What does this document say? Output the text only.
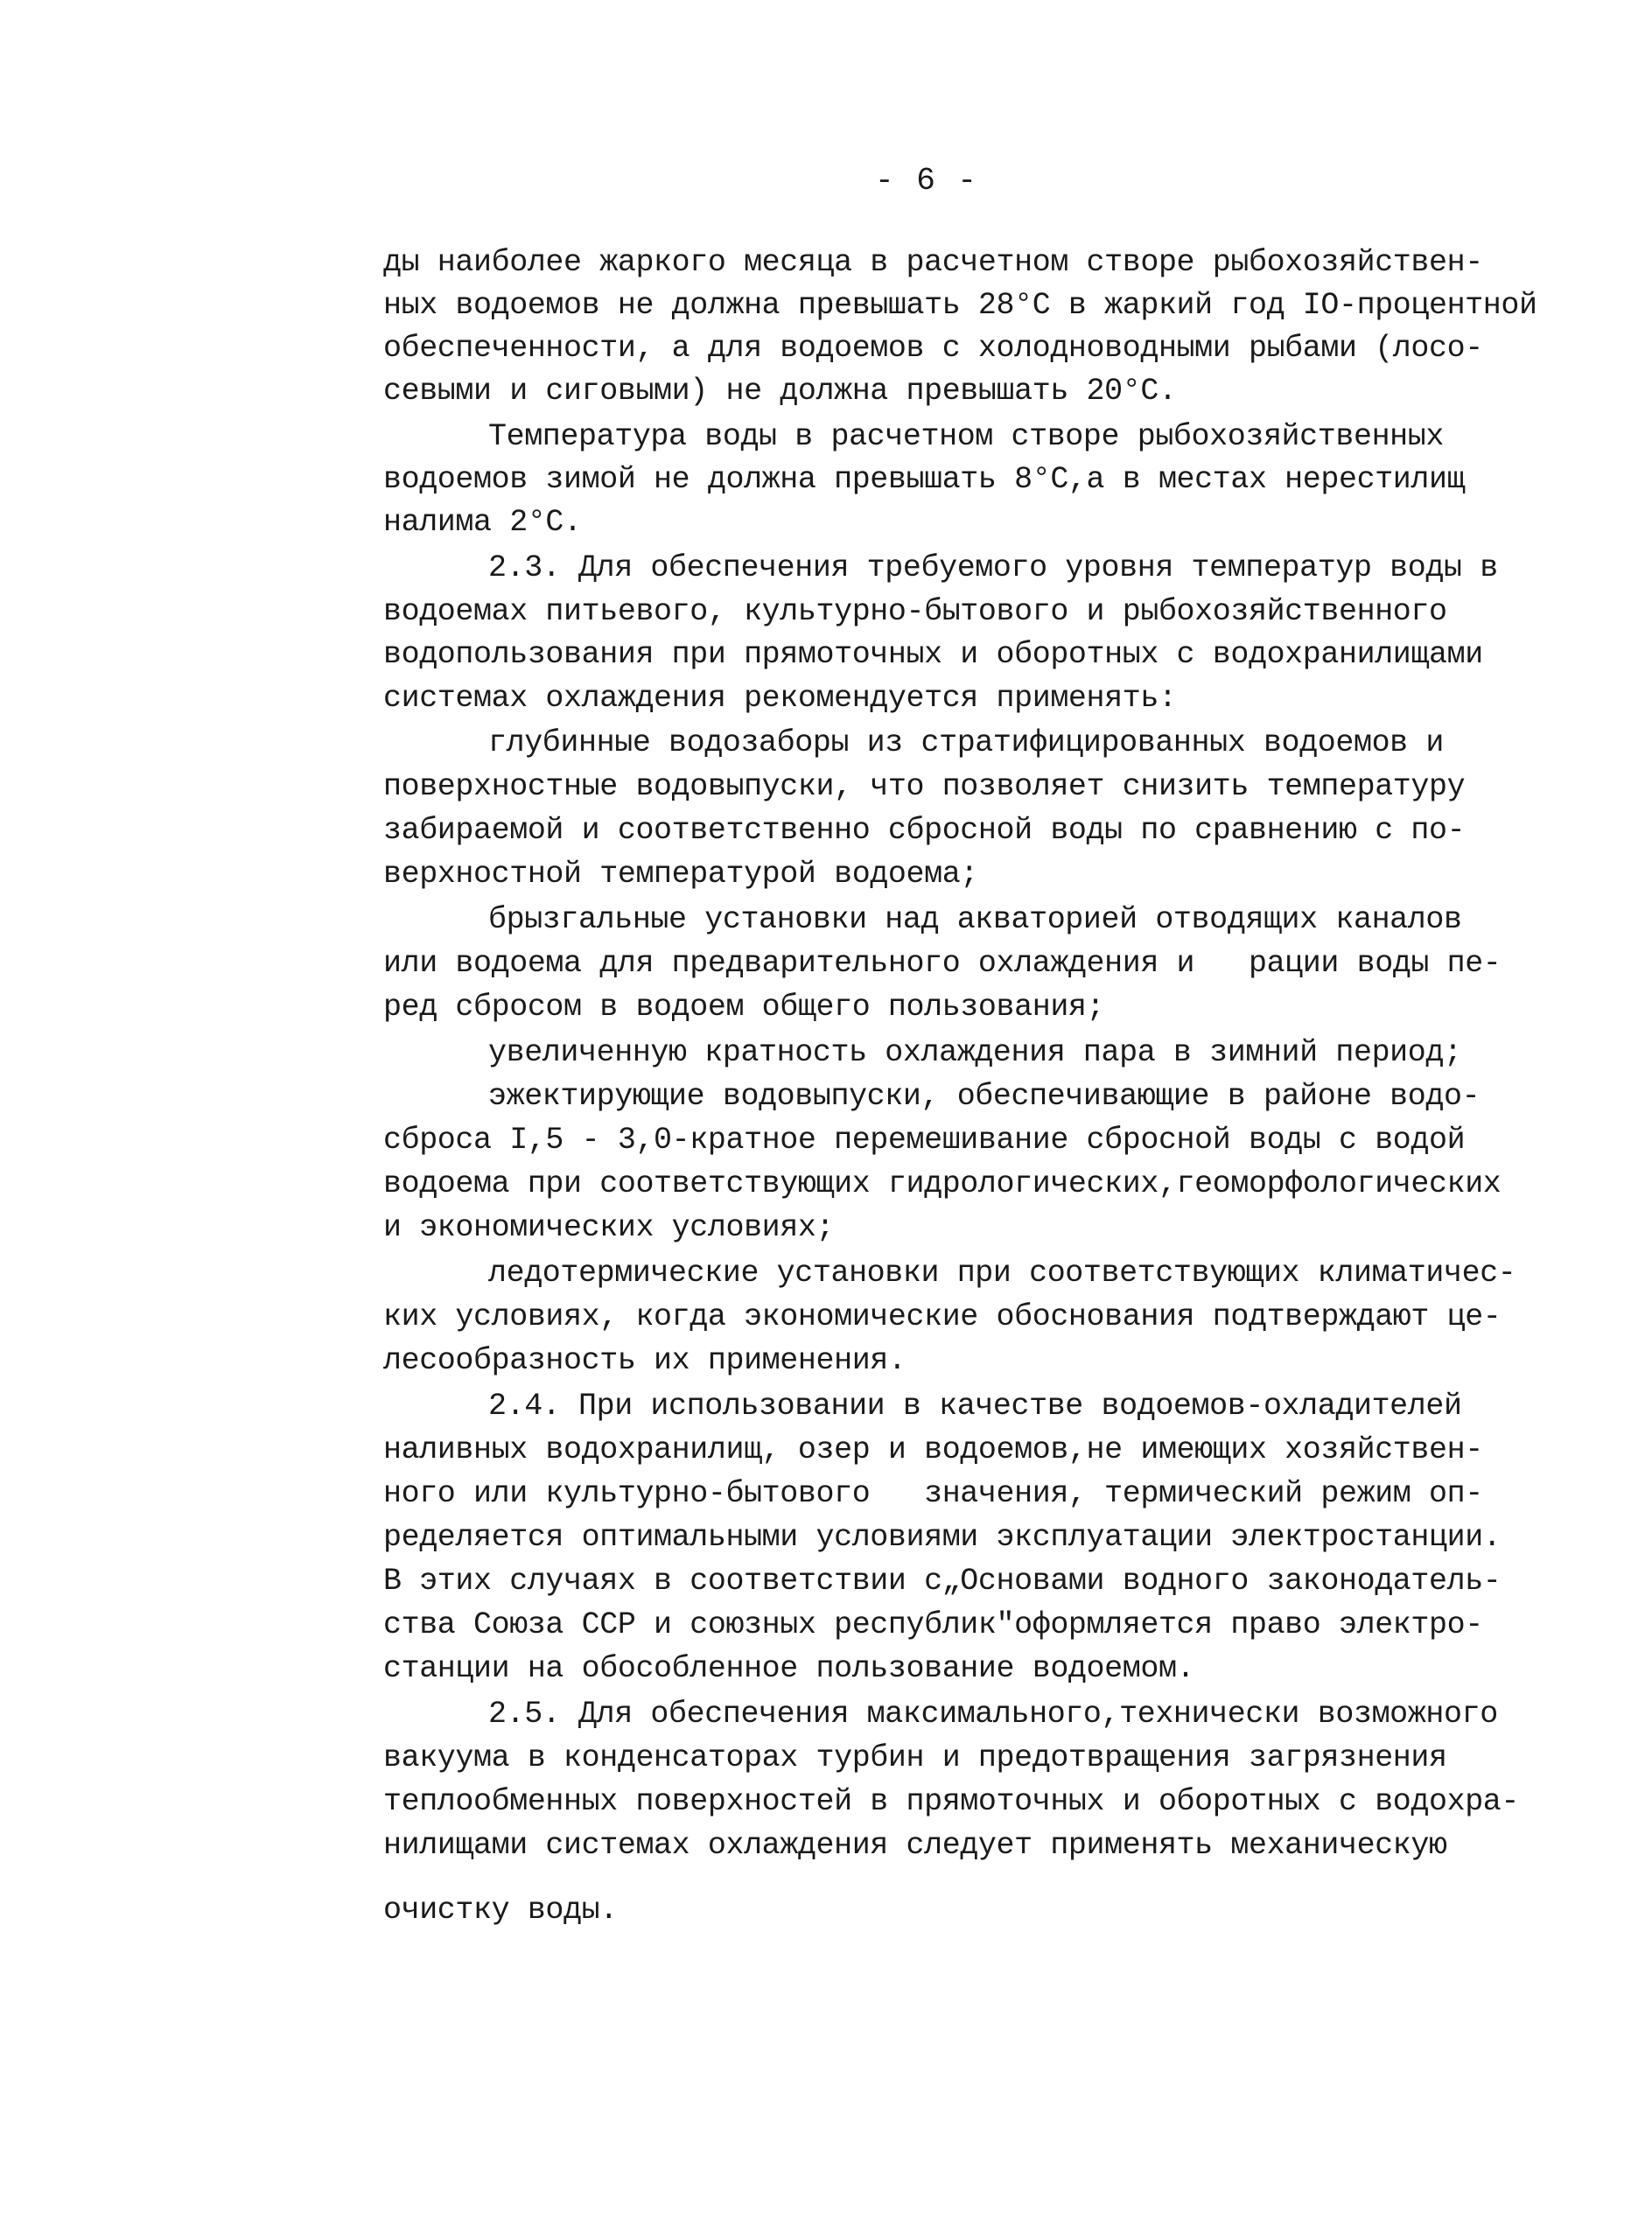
- 6 -
ды наиболее жаркого месяца в расчетном створе рыбохозяйствен-
ных водоемов не должна превышать 28°С в жаркий год IO-процентной
обеспеченности, а для водоемов с холодноводными рыбами (лосо-
севыми и сиговыми) не должна превышать 20°С.
Температура воды в расчетном створе рыбохозяйственных
водоемов зимой не должна превышать 8°С,а в местах нерестилищ
налима 2°С.
2.3. Для обеспечения требуемого уровня температур воды в
водоемах питьевого, культурно-бытового и рыбохозяйственного
водопользования при прямоточных и оборотных с водохранилищами
системах охлаждения рекомендуется применять:
глубинные водозаборы из стратифицированных водоемов и
поверхностные водовыпуски, что позволяет снизить температуру
забираемой и соответственно сбросной воды по сравнению с по-
верхностной температурой водоема;
брызгальные установки над акваторией отводящих каналов
или водоема для предварительного охлаждения и   рации воды пе-
ред сбросом в водоем общего пользования;
увеличенную кратность охлаждения пара в зимний период;
эжектирующие водовыпуски, обеспечивающие в районе водо-
сброса I,5 - 3,0-кратное перемешивание сбросной воды с водой
водоема при соответствующих гидрологических,геоморфологических
и экономических условиях;
ледотермические установки при соответствующих климатичес-
ких условиях, когда экономические обоснования подтверждают це-
лесообразность их применения.
2.4. При использовании в качестве водоемов-охладителей
наливных водохранилищ, озер и водоемов,не имеющих хозяйствен-
ного или культурно-бытового   значения, термический режим оп-
ределяется оптимальными условиями эксплуатации электростанции.
В этих случаях в соответствии с„Основами водного законодатель-
ства Союза ССР и союзных республик"оформляется право электро-
станции на обособленное пользование водоемом.
2.5. Для обеспечения максимального,технически возможного
вакуума в конденсаторах турбин и предотвращения загрязнения
теплообменных поверхностей в прямоточных и оборотных с водохра-
нилищами системах охлаждения следует применять механическую
очистку воды.
